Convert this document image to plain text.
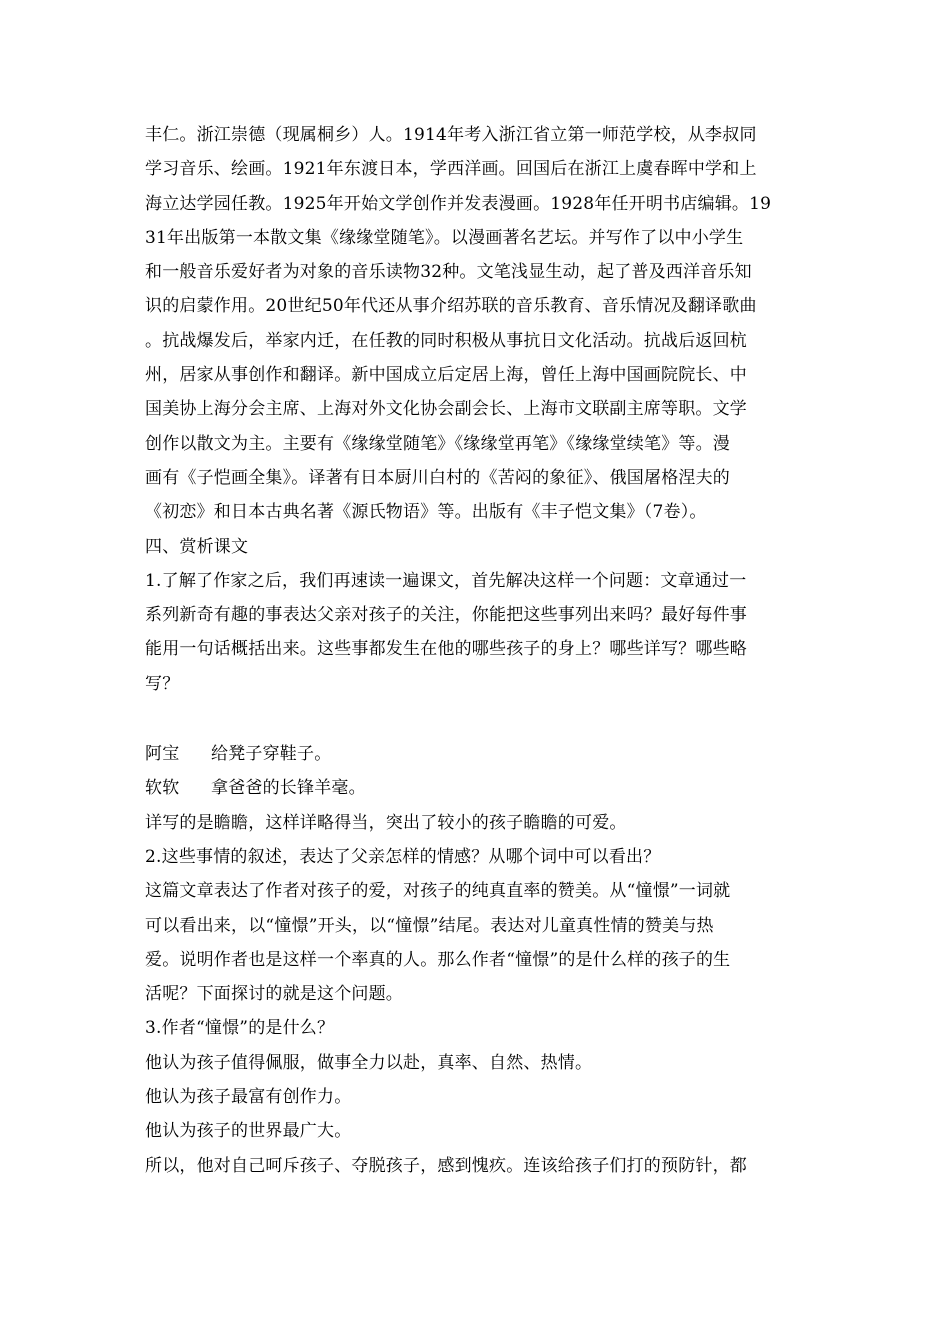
丰仁。浙江崇德（现属桐乡）人。1914年考入浙江省立第一师范学校，从李叔同
学习音乐、绘画。1921年东渡日本，学西洋画。回国后在浙江上虞春晖中学和上
海立达学园任教。1925年开始文学创作并发表漫画。1928年任开明书店编辑。19
31年出版第一本散文集《缘缘堂随笔》。以漫画著名艺坛。并写作了以中小学生
和一般音乐爱好者为对象的音乐读物32种。文笔浅显生动，起了普及西洋音乐知
识的启蒙作用。20世纪50年代还从事介绍苏联的音乐教育、音乐情况及翻译歌曲
。抗战爆发后，举家内迁，在任教的同时积极从事抗日文化活动。抗战后返回杭
州，居家从事创作和翻译。新中国成立后定居上海，曾任上海中国画院院长、中
国美协上海分会主席、上海对外文化协会副会长、上海市文联副主席等职。文学
创作以散文为主。主要有《缘缘堂随笔》《缘缘堂再笔》《缘缘堂续笔》等。漫
画有《子恺画全集》。译著有日本厨川白村的《苦闷的象征》、俄国屠格涅夫的
《初恋》和日本古典名著《源氏物语》等。出版有《丰子恺文集》（7卷）。
四、赏析课文
1.了解了作家之后，我们再速读一遍课文，首先解决这样一个问题：文章通过一
系列新奇有趣的事表达父亲对孩子的关注，你能把这些事列出来吗？最好每件事
能用一句话概括出来。这些事都发生在他的哪些孩子的身上？哪些详写？哪些略
写？
阿宝 给凳子穿鞋子。
软软 拿爸爸的长锋羊毫。
详写的是瞻瞻，这样详略得当，突出了较小的孩子瞻瞻的可爱。
2.这些事情的叙述，表达了父亲怎样的情感？从哪个词中可以看出？
这篇文章表达了作者对孩子的爱，对孩子的纯真直率的赞美。从“憧憬”一词就
可以看出来，以“憧憬”开头，以“憧憬”结尾。表达对儿童真性情的赞美与热
爱。说明作者也是这样一个率真的人。那么作者“憧憬”的是什么样的孩子的生
活呢？下面探讨的就是这个问题。
3.作者“憧憬”的是什么？
他认为孩子值得佩服，做事全力以赴，真率、自然、热情。
他认为孩子最富有创作力。
他认为孩子的世界最广大。
所以，他对自己呵斥孩子、夺脱孩子，感到愧疚。连该给孩子们打的预防针，都
